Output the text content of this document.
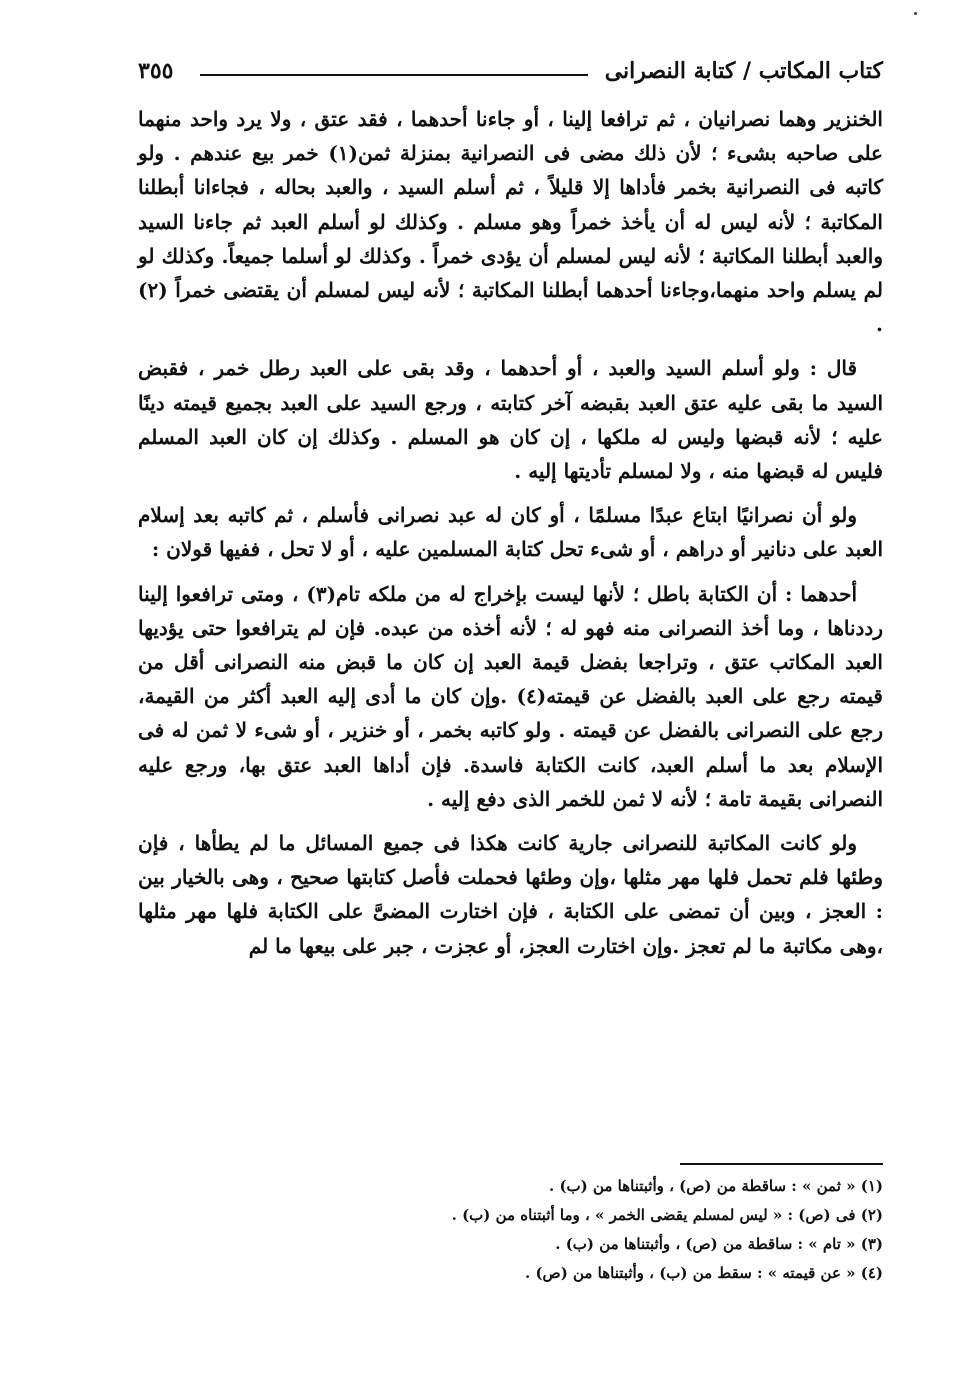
كتاب المكاتب / كتابة النصرانى
٣٥٥

الخنزير وهما نصرانيان ، ثم ترافعا إلينا ، أو جاءنا أحدهما ، فقد عتق ، ولا يرد واحد منهما على صاحبه بشىء ؛ لأن ذلك مضى فى النصرانية بمنزلة ثمن(١) خمر بيع عندهم . ولو كاتبه فى النصرانية بخمر فأداها إلا قليلاً ، ثم أسلم السيد ، والعبد بحاله ، فجاءانا أبطلنا المكاتبة ؛ لأنه ليس له أن يأخذ خمراً وهو مسلم . وكذلك لو أسلم العبد ثم جاءنا السيد والعبد أبطلنا المكاتبة ؛ لأنه ليس لمسلم أن يؤدى خمراً . وكذلك لو أسلما جميعاً. وكذلك لو لم يسلم واحد منهما،وجاءنا أحدهما أبطلنا المكاتبة ؛ لأنه ليس لمسلم أن يقتضى خمراً (٢) .

قال : ولو أسلم السيد والعبد ، أو أحدهما ، وقد بقى على العبد رطل خمر ، فقبض السيد ما بقى عليه عتق العبد بقبضه آخر كتابته ، ورجع السيد على العبد بجميع قيمته دينًا عليه ؛ لأنه قبضها وليس له ملكها ، إن كان هو المسلم . وكذلك إن كان العبد المسلم فليس له قبضها منه ، ولا لمسلم تأديتها إليه .

ولو أن نصرانيًا ابتاع عبدًا مسلمًا ، أو كان له عبد نصرانى فأسلم ، ثم كاتبه بعد إسلام العبد على دنانير أو دراهم ، أو شىء تحل كتابة المسلمين عليه ، أو لا تحل ، ففيها قولان :

أحدهما : أن الكتابة باطل ؛ لأنها ليست بإخراج له من ملكه تام(٣) ، ومتى ترافعوا إلينا رددناها ، وما أخذ النصرانى منه فهو له ؛ لأنه أخذه من عبده. فإن لم يترافعوا حتى يؤديها العبد المكاتب عتق ، وتراجعا بفضل قيمة العبد إن كان ما قبض منه النصرانى أقل من قيمته رجع على العبد بالفضل عن قيمته(٤) .وإن كان ما أدى إليه العبد أكثر من القيمة، رجع على النصرانى بالفضل عن قيمته . ولو كاتبه بخمر ، أو خنزير ، أو شىء لا ثمن له فى الإسلام بعد ما أسلم العبد، كانت الكتابة فاسدة. فإن أداها العبد عتق بها، ورجع عليه النصرانى بقيمة تامة ؛ لأنه لا ثمن للخمر الذى دفع إليه .

ولو كانت المكاتبة للنصرانى جارية كانت هكذا فى جميع المسائل ما لم يطأها ، فإن وطئها فلم تحمل فلها مهر مثلها ،وإن وطئها فحملت فأصل كتابتها صحيح ، وهى بالخيار بين : العجز ، وبين أن تمضى على الكتابة ، فإن اختارت المضىَّ على الكتابة فلها مهر مثلها ،وهى مكاتبة ما لم تعجز .وإن اختارت العجز، أو عجزت ، جبر على بيعها ما لم

(١) « ثمن » : ساقطة من (ص) ، وأثبتناها من (ب) .
(٢) فى (ص) : « ليس لمسلم يقضى الخمر » ، وما أثبتناه من (ب) .
(٣) « تام » : ساقطة من (ص) ، وأثبتناها من (ب) .
(٤) « عن قيمته » : سقط من (ب) ، وأثبتناها من (ص) .
